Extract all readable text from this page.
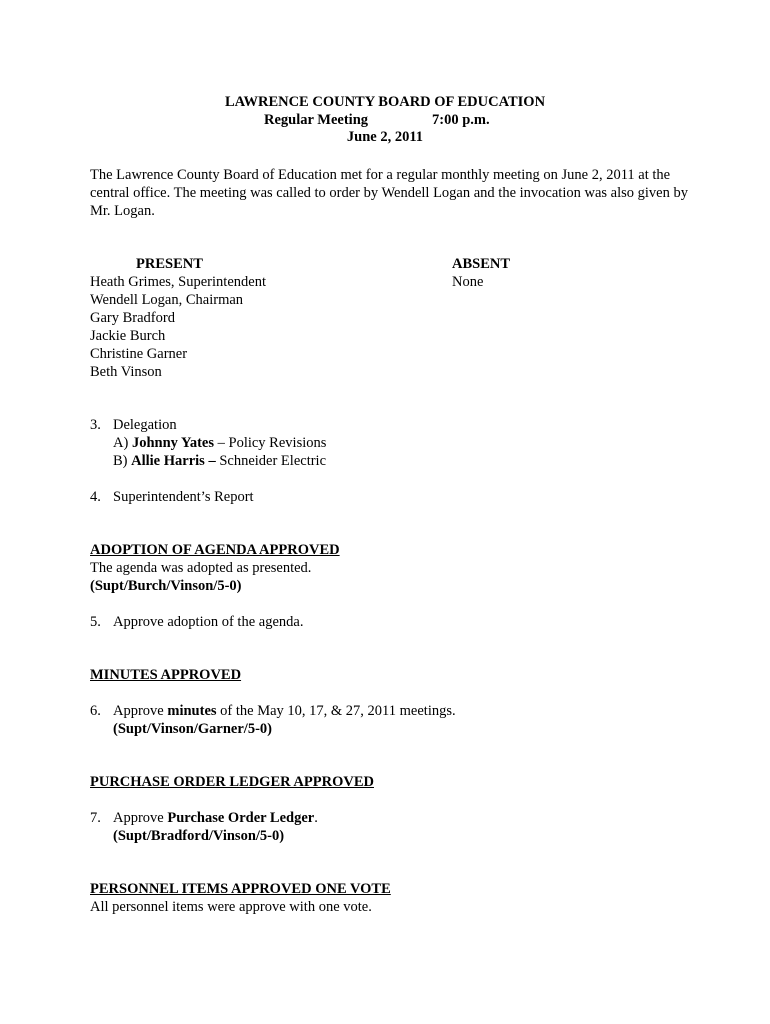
LAWRENCE COUNTY BOARD OF EDUCATION
Regular Meeting	7:00 p.m.
June 2, 2011
The Lawrence County Board of Education met for a regular monthly meeting on June 2, 2011 at the central office. The meeting was called to order by Wendell Logan and the invocation was also given by Mr. Logan.
PRESENT	ABSENT
Heath Grimes, Superintendent
Wendell Logan, Chairman
Gary Bradford
Jackie Burch
Christine Garner
Beth Vinson
None
3. Delegation
A) Johnny Yates – Policy Revisions
B) Allie Harris – Schneider Electric
4. Superintendent’s Report
ADOPTION OF AGENDA APPROVED
The agenda was adopted as presented.
(Supt/Burch/Vinson/5-0)
5. Approve adoption of the agenda.
MINUTES APPROVED
6. Approve minutes of the May 10, 17, & 27, 2011 meetings.
(Supt/Vinson/Garner/5-0)
PURCHASE ORDER LEDGER APPROVED
7. Approve Purchase Order Ledger.
(Supt/Bradford/Vinson/5-0)
PERSONNEL ITEMS APPROVED ONE VOTE
All personnel items were approve with one vote.
